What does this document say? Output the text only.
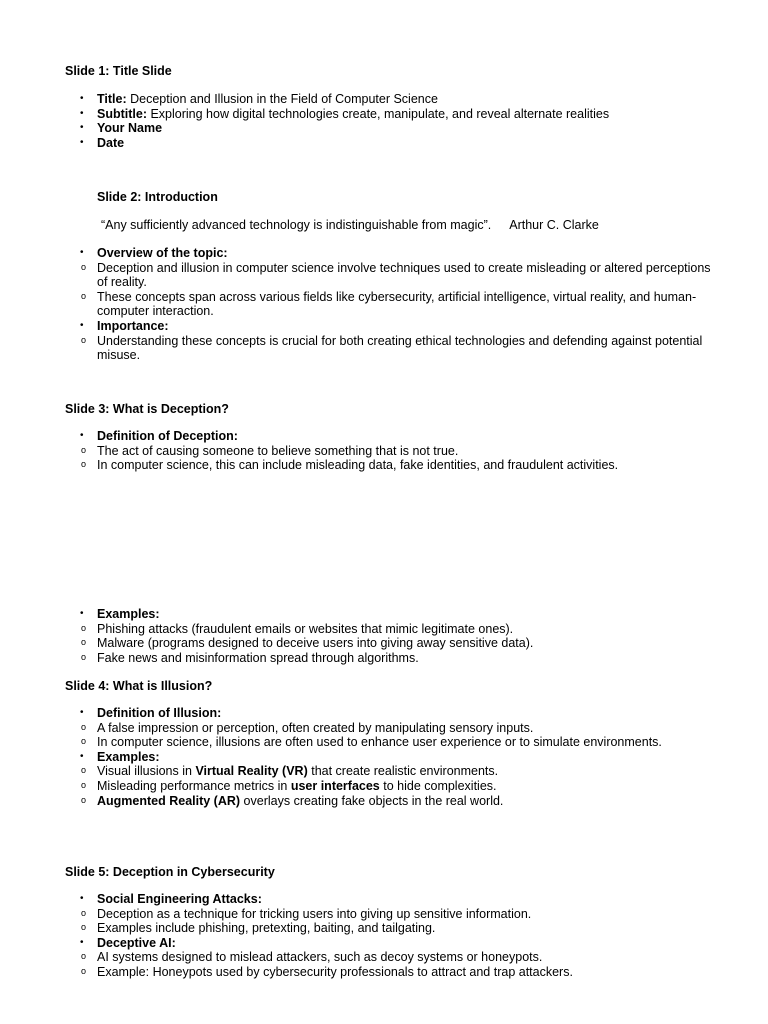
Slide 1: Title Slide
• Title: Deception and Illusion in the Field of Computer Science
• Subtitle: Exploring how digital technologies create, manipulate, and reveal alternate realities
• Your Name
• Date
Slide 2: Introduction
“Any sufficiently advanced technology is indistinguishable from magic”. Arthur C. Clarke
• Overview of the topic:
o Deception and illusion in computer science involve techniques used to create misleading or altered perceptions of reality.
o These concepts span across various fields like cybersecurity, artificial intelligence, virtual reality, and human-computer interaction.
• Importance:
o Understanding these concepts is crucial for both creating ethical technologies and defending against potential misuse.
Slide 3: What is Deception?
• Definition of Deception:
o The act of causing someone to believe something that is not true.
o In computer science, this can include misleading data, fake identities, and fraudulent activities.
• Examples:
o Phishing attacks (fraudulent emails or websites that mimic legitimate ones).
o Malware (programs designed to deceive users into giving away sensitive data).
o Fake news and misinformation spread through algorithms.
Slide 4: What is Illusion?
• Definition of Illusion:
o A false impression or perception, often created by manipulating sensory inputs.
o In computer science, illusions are often used to enhance user experience or to simulate environments.
• Examples:
o Visual illusions in Virtual Reality (VR) that create realistic environments.
o Misleading performance metrics in user interfaces to hide complexities.
o Augmented Reality (AR) overlays creating fake objects in the real world.
Slide 5: Deception in Cybersecurity
• Social Engineering Attacks:
o Deception as a technique for tricking users into giving up sensitive information.
o Examples include phishing, pretexting, baiting, and tailgating.
• Deceptive AI:
o AI systems designed to mislead attackers, such as decoy systems or honeypots.
o Example: Honeypots used by cybersecurity professionals to attract and trap attackers.
